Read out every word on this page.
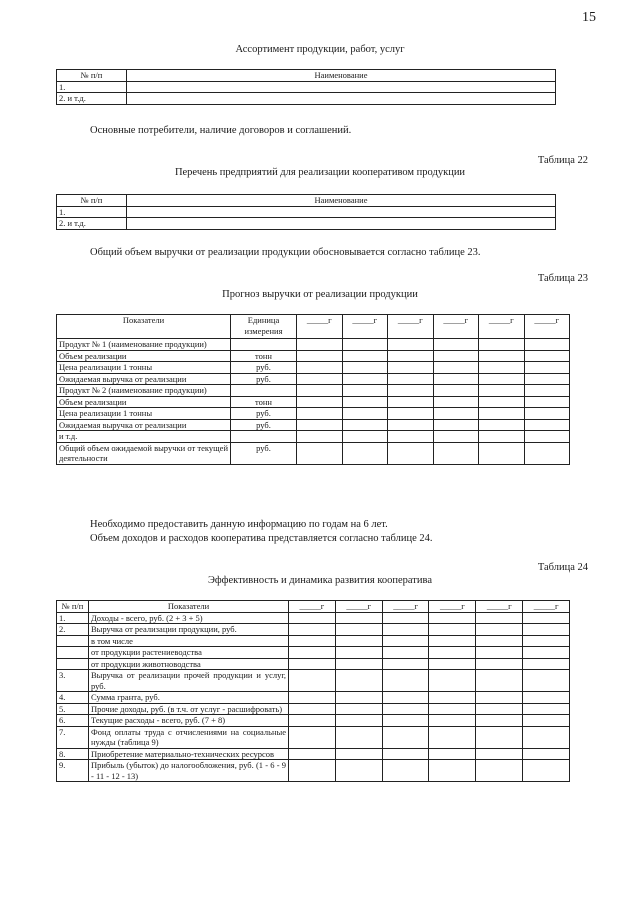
15
Ассортимент продукции, работ, услуг
№ п/п	Наименование
1.	
2. и т.д.	
Основные потребители, наличие договоров и соглашений.
Таблица 22
Перечень предприятий для реализации кооперативом продукции
№ п/п	Наименование
1.	
2. и т.д.	
Общий объем выручки от реализации продукции обосновывается согласно таблице 23.
Таблица 23
Прогноз выручки от реализации продукции
Показатели	Единица измерения	_____г	_____г	_____г	_____г	_____г	_____г
Продукт № 1 (наименование продукции)							
Объем реализации	тонн						
Цена реализации 1 тонны	руб.						
Ожидаемая выручка от реализации	руб.						
Продукт № 2 (наименование продукции)							
Объем реализации	тонн						
Цена реализации 1 тонны	руб.						
Ожидаемая выручка от реализации	руб.						
и т.д.							
Общий объем ожидаемой выручки от текущей деятельности	руб.						
Необходимо предоставить данную информацию по годам на 6 лет.
Объем доходов и расходов кооператива представляется согласно таблице 24.
Таблица 24
Эффективность и динамика развития кооператива
№ п/п	Показатели	_____г	_____г	_____г	_____г	_____г	_____г
1.	Доходы - всего, руб. (2 + 3 + 5)						
2.	Выручка от реализации продукции, руб.						
	в том числе						
	от продукции растениеводства						
	от продукции животноводства						
3.	Выручка от реализации прочей продукции и услуг, руб.						
4.	Сумма гранта, руб.						
5.	Прочие доходы, руб. (в т.ч. от услуг - расшифровать)						
6.	Текущие расходы - всего, руб. (7 + 8)						
7.	Фонд оплаты труда с отчислениями на социальные нужды (таблица 9)						
8.	Приобретение материально-технических ресурсов						
9.	Прибыль (убыток) до налогообложения, руб. (1 - 6 - 9 - 11 - 12 - 13)						
